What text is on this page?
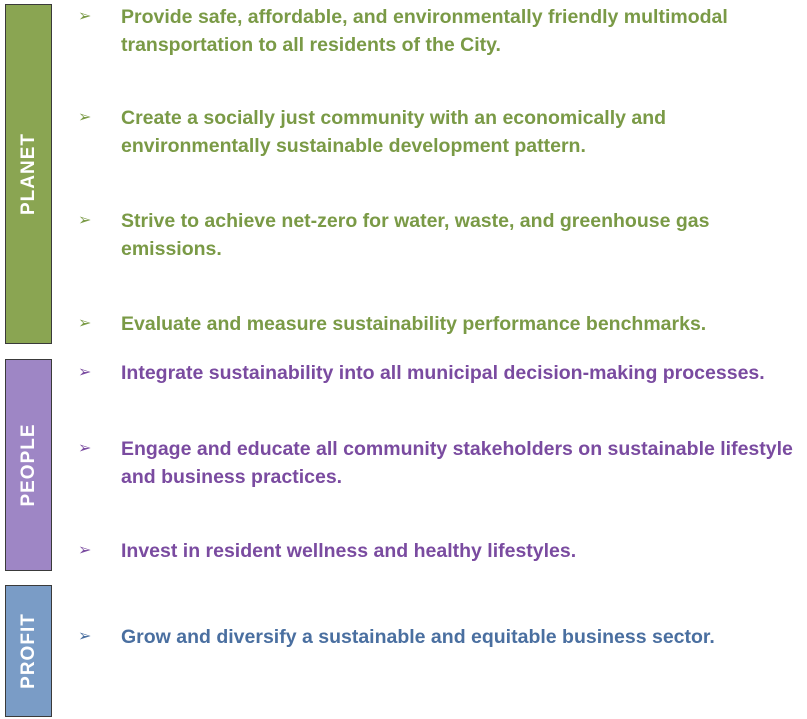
PLANET
PEOPLE
PROFIT
➢ Provide safe, affordable, and environmentally friendly multimodal transportation to all residents of the City.
➢ Create a socially just community with an economically and environmentally sustainable development pattern.
➢ Strive to achieve net-zero for water, waste, and greenhouse gas emissions.
➢ Evaluate and measure sustainability performance benchmarks.
➢ Integrate sustainability into all municipal decision-making processes.
➢ Engage and educate all community stakeholders on sustainable lifestyle and business practices.
➢ Invest in resident wellness and healthy lifestyles.
➢ Grow and diversify a sustainable and equitable business sector.
